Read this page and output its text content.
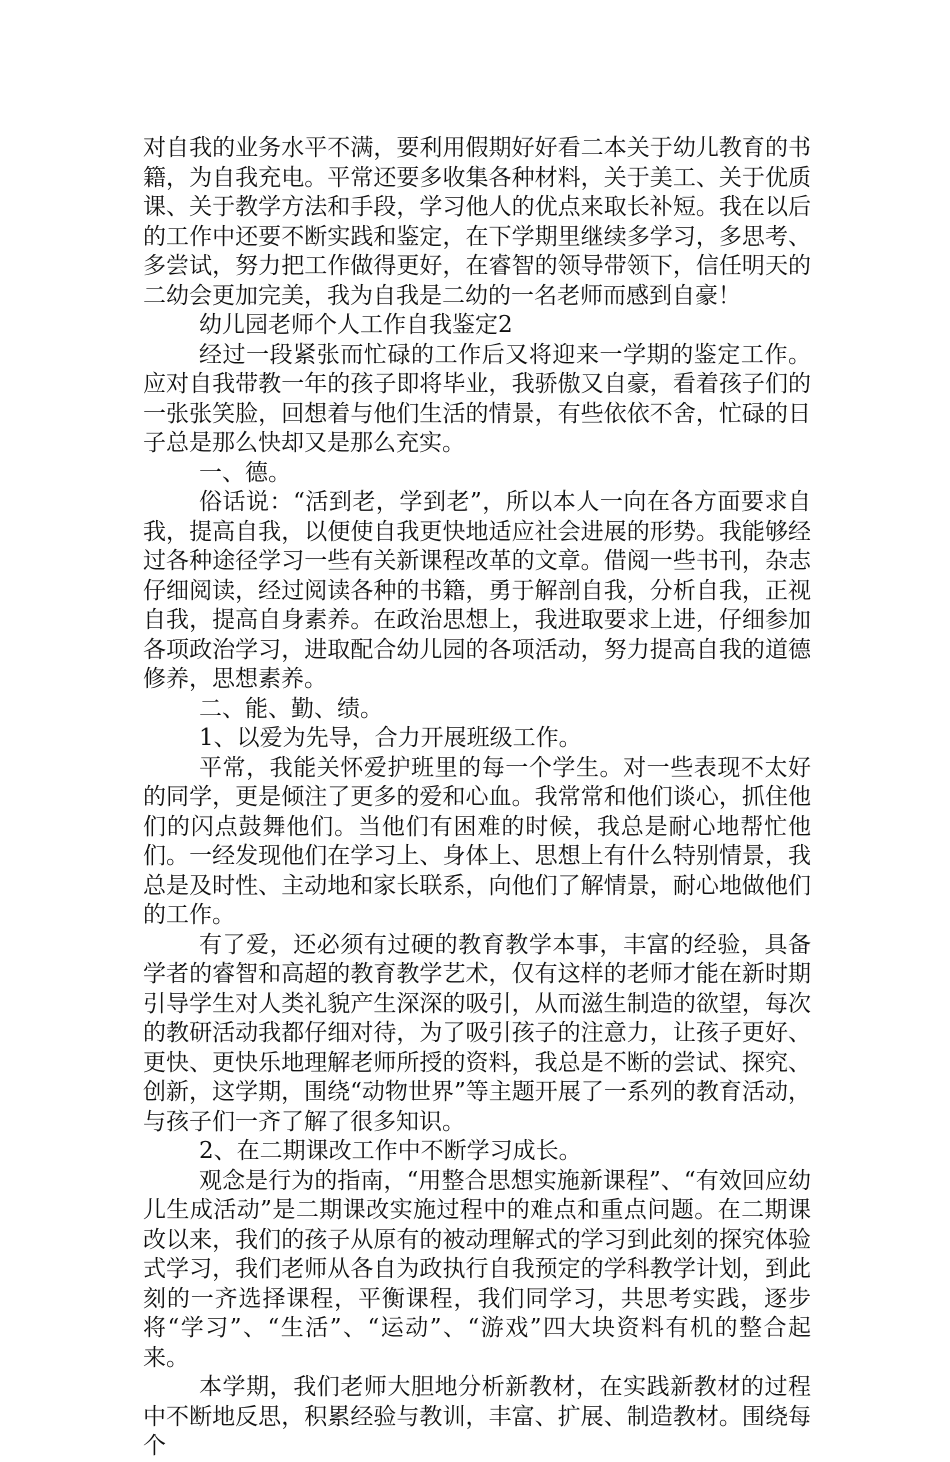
对自我的业务水平不满，要利用假期好好看二本关于幼儿教育的书籍，为自我充电。平常还要多收集各种材料，关于美工、关于优质课、关于教学方法和手段，学习他人的优点来取长补短。我在以后的工作中还要不断实践和鉴定，在下学期里继续多学习，多思考、多尝试，努力把工作做得更好，在睿智的领导带领下，信任明天的二幼会更加完美，我为自我是二幼的一名老师而感到自豪！

幼儿园老师个人工作自我鉴定2

经过一段紧张而忙碌的工作后又将迎来一学期的鉴定工作。应对自我带教一年的孩子即将毕业，我骄傲又自豪，看着孩子们的一张张笑脸，回想着与他们生活的情景，有些依依不舍，忙碌的日子总是那么快却又是那么充实。

一、德。

俗话说：“活到老，学到老”，所以本人一向在各方面要求自我，提高自我，以便使自我更快地适应社会进展的形势。我能够经过各种途径学习一些有关新课程改革的文章。借阅一些书刊，杂志仔细阅读，经过阅读各种的书籍，勇于解剖自我，分析自我，正视自我，提高自身素养。在政治思想上，我进取要求上进，仔细参加各项政治学习，进取配合幼儿园的各项活动，努力提高自我的道德修养，思想素养。

二、能、勤、绩。

1、以爱为先导，合力开展班级工作。

平常，我能关怀爱护班里的每一个学生。对一些表现不太好的同学，更是倾注了更多的爱和心血。我常常和他们谈心，抓住他们的闪点鼓舞他们。当他们有困难的时候，我总是耐心地帮忙他们。一经发现他们在学习上、身体上、思想上有什么特别情景，我总是及时性、主动地和家长联系，向他们了解情景，耐心地做他们的工作。

有了爱，还必须有过硬的教育教学本事，丰富的经验，具备学者的睿智和高超的教育教学艺术，仅有这样的老师才能在新时期引导学生对人类礼貌产生深深的吸引，从而滋生制造的欲望，每次的教研活动我都仔细对待，为了吸引孩子的注意力，让孩子更好、更快、更快乐地理解老师所授的资料，我总是不断的尝试、探究、创新，这学期，围绕“动物世界”等主题开展了一系列的教育活动，与孩子们一齐了解了很多知识。

2、在二期课改工作中不断学习成长。

观念是行为的指南，“用整合思想实施新课程”、“有效回应幼儿生成活动”是二期课改实施过程中的难点和重点问题。在二期课改以来，我们的孩子从原有的被动理解式的学习到此刻的探究体验式学习，我们老师从各自为政执行自我预定的学科教学计划，到此刻的一齐选择课程，平衡课程，我们同学习，共思考实践，逐步将“学习”、“生活”、“运动”、“游戏”四大块资料有机的整合起来。

本学期，我们老师大胆地分析新教材，在实践新教材的过程中不断地反思，积累经验与教训，丰富、扩展、制造教材。围绕每个
